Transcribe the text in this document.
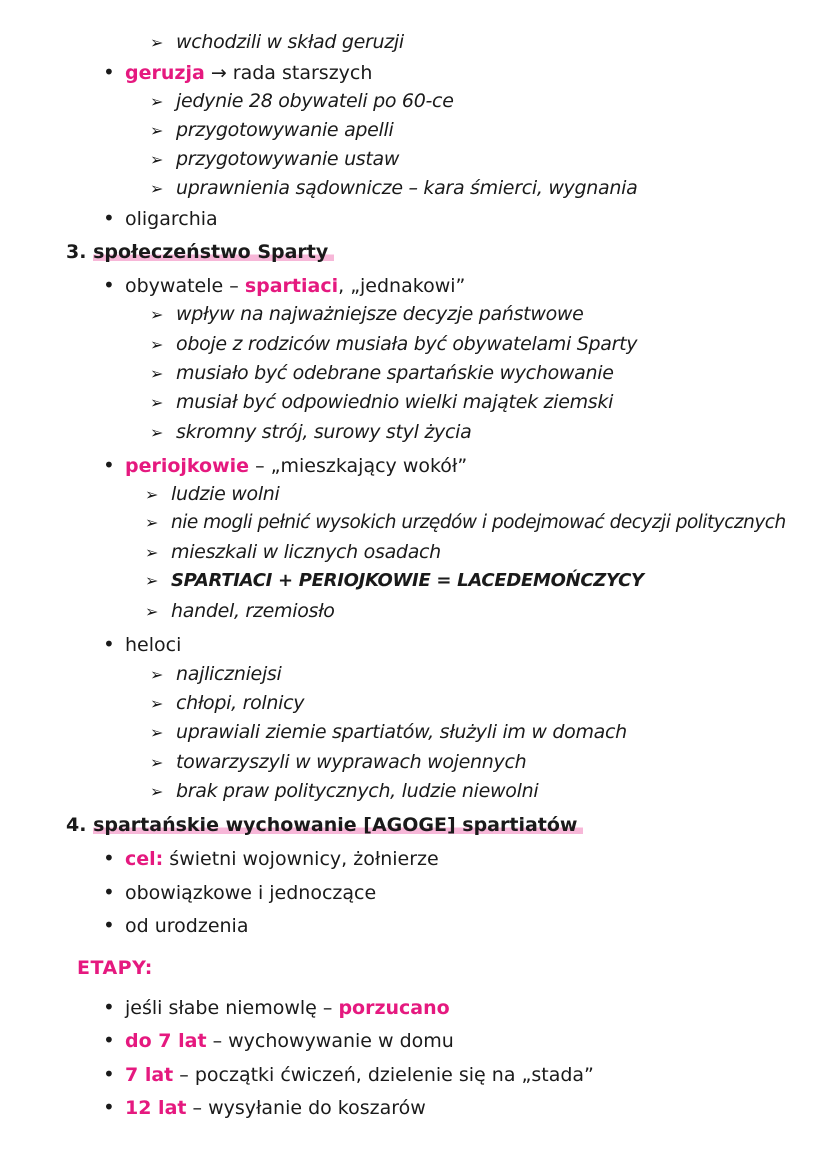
➢ wchodzili w skład geruzji
• geruzja → rada starszych
➢ jedynie 28 obywateli po 60-ce
➢ przygotowywanie apelli
➢ przygotowywanie ustaw
➢ uprawnienia sądownicze – kara śmierci, wygnania
• oligarchia
3. społeczeństwo Sparty
• obywatele – spartiaci, „jednakowi”
➢ wpływ na najważniejsze decyzje państwowe
➢ oboje z rodziców musiała być obywatelami Sparty
➢ musiało być odebrane spartańskie wychowanie
➢ musiał być odpowiednio wielki majątek ziemski
➢ skromny strój, surowy styl życia
• periojkowie – „mieszkający wokół”
➢ ludzie wolni
➢ nie mogli pełnić wysokich urzędów i podejmować decyzji politycznych
➢ mieszkali w licznych osadach
➢ SPARTIACI + PERIOJKOWIE = LACEDEMOŃCZYCY
➢ handel, rzemiosło
• heloci
➢ najliczniejsi
➢ chłopi, rolnicy
➢ uprawiali ziemie spartiatów, służyli im w domach
➢ towarzyszyli w wyprawach wojennych
➢ brak praw politycznych, ludzie niewolni
4. spartańskie wychowanie [AGOGE] spartiatów
• cel: świetni wojownicy, żołnierze
• obowiązkowe i jednoczące
• od urodzenia
ETAPY:
• jeśli słabe niemowlę – porzucano
• do 7 lat – wychowywanie w domu
• 7 lat – początki ćwiczeń, dzielenie się na „stada”
• 12 lat – wysyłanie do koszarów
